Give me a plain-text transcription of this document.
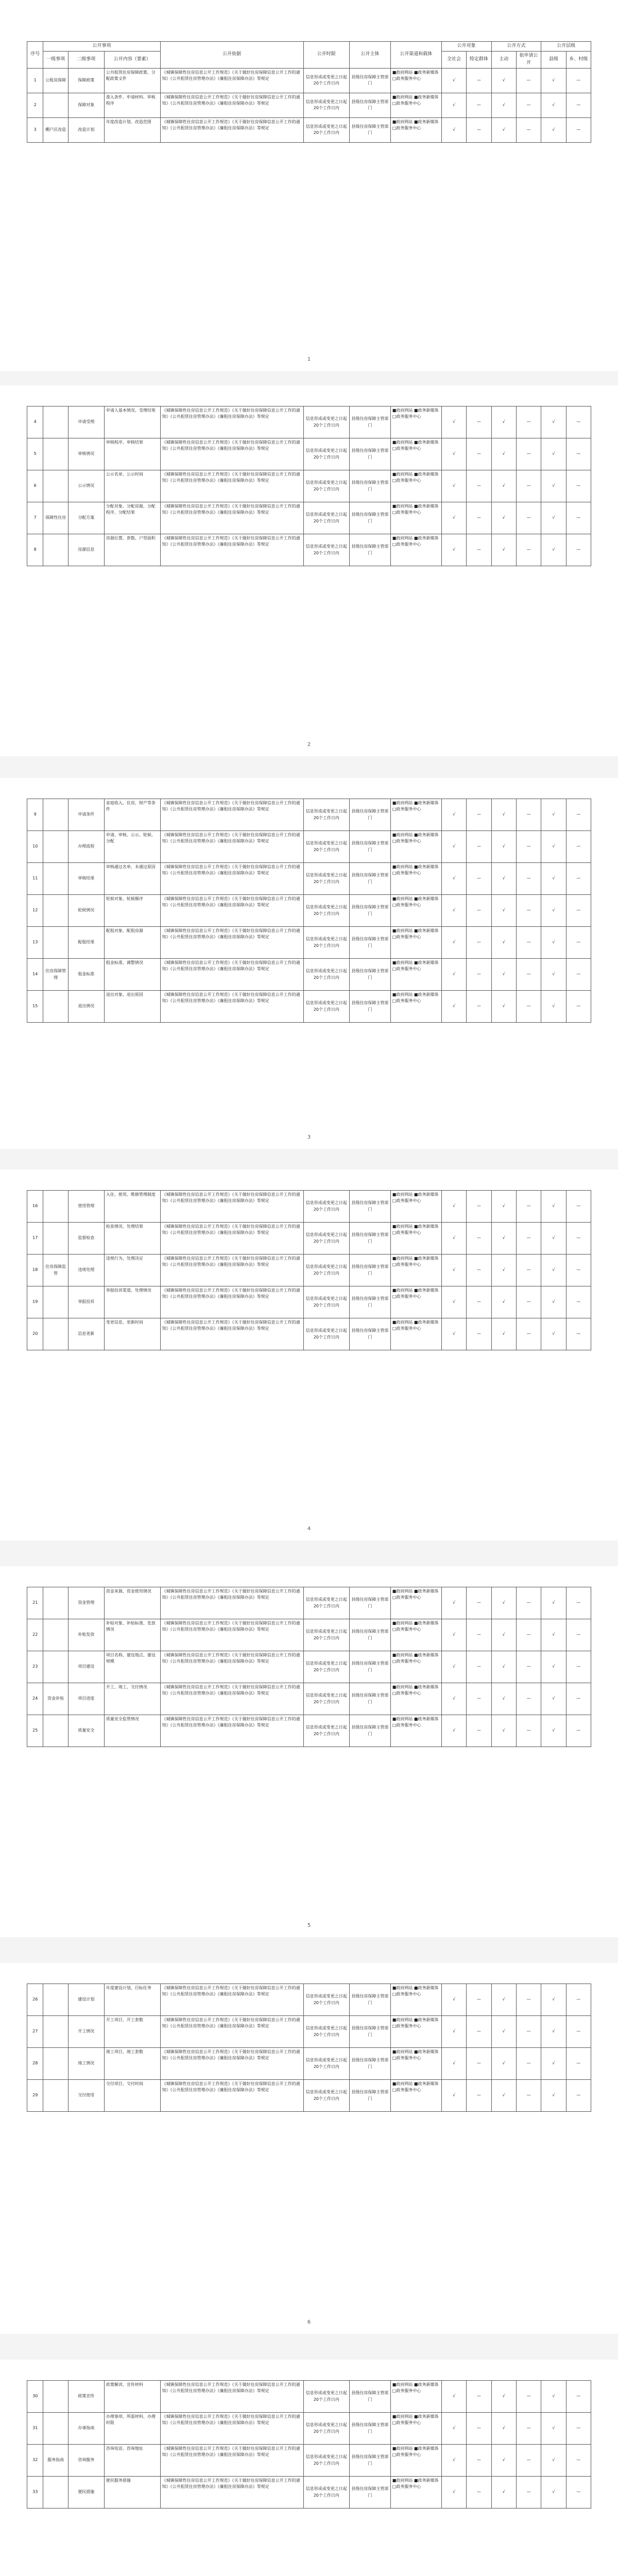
序号	公开事项			公开依据	公开时限	公开主体	公开渠道和载体	公开对象		公开方式		公开层级	
	一级事项	二级事项	公开内容（要素）					全社会	特定群体	主动	依申请公开	县级	乡、村级
1	公租房保障	保障政策	公共租赁住房保障政策、分配政策文件	《城镇保障性住房信息公开工作规范》《关于做好住房保障信息公开工作的通知》《公共租赁住房管理办法》《廉租住房保障办法》等规定	信息形成或变更之日起20个工作日内	县级住房保障主管部门	■政府网站 ■政务新媒体 □政务服务中心	√	—	√	—	√	—
2		保障对象	准入条件、申请材料、审核程序	《城镇保障性住房信息公开工作规范》《关于做好住房保障信息公开工作的通知》《公共租赁住房管理办法》《廉租住房保障办法》等规定	信息形成或变更之日起20个工作日内	县级住房保障主管部门	■政府网站 ■政务新媒体 □政务服务中心	√	—	√	—	√	—
3	棚户区改造	改造计划	年度改造计划、改造范围	《城镇保障性住房信息公开工作规范》《关于做好住房保障信息公开工作的通知》《公共租赁住房管理办法》《廉租住房保障办法》等规定	信息形成或变更之日起20个工作日内	县级住房保障主管部门	■政府网站 ■政务新媒体 □政务服务中心	√	—	√	—	√	—
1
4		申请受理	申请人基本情况、受理结果	《城镇保障性住房信息公开工作规范》《关于做好住房保障信息公开工作的通知》《公共租赁住房管理办法》《廉租住房保障办法》等规定	信息形成或变更之日起20个工作日内	县级住房保障主管部门	■政府网站 ■政务新媒体 □政务服务中心	√	—	√	—	√	—
5		审核情况	审核程序、审核结果	《城镇保障性住房信息公开工作规范》《关于做好住房保障信息公开工作的通知》《公共租赁住房管理办法》《廉租住房保障办法》等规定	信息形成或变更之日起20个工作日内	县级住房保障主管部门	■政府网站 ■政务新媒体 □政务服务中心	√	—	√	—	√	—
6		公示情况	公示名单、公示时间	《城镇保障性住房信息公开工作规范》《关于做好住房保障信息公开工作的通知》《公共租赁住房管理办法》《廉租住房保障办法》等规定	信息形成或变更之日起20个工作日内	县级住房保障主管部门	■政府网站 ■政务新媒体 □政务服务中心	√	—	√	—	√	—
7	保障性住房	分配方案	分配对象、分配房源、分配程序、分配结果	《城镇保障性住房信息公开工作规范》《关于做好住房保障信息公开工作的通知》《公共租赁住房管理办法》《廉租住房保障办法》等规定	信息形成或变更之日起20个工作日内	县级住房保障主管部门	■政府网站 ■政务新媒体 □政务服务中心	√	—	√	—	√	—
8		房源信息	房源位置、套数、户型面积	《城镇保障性住房信息公开工作规范》《关于做好住房保障信息公开工作的通知》《公共租赁住房管理办法》《廉租住房保障办法》等规定	信息形成或变更之日起20个工作日内	县级住房保障主管部门	■政府网站 ■政务新媒体 □政务服务中心	√	—	√	—	√	—
2
9		申请条件	家庭收入、住房、财产等条件	《城镇保障性住房信息公开工作规范》《关于做好住房保障信息公开工作的通知》《公共租赁住房管理办法》《廉租住房保障办法》等规定	信息形成或变更之日起20个工作日内	县级住房保障主管部门	■政府网站 ■政务新媒体 □政务服务中心	√	—	√	—	√	—
10		办理流程	申请、审核、公示、轮候、分配	《城镇保障性住房信息公开工作规范》《关于做好住房保障信息公开工作的通知》《公共租赁住房管理办法》《廉租住房保障办法》等规定	信息形成或变更之日起20个工作日内	县级住房保障主管部门	■政府网站 ■政务新媒体 □政务服务中心	√	—	√	—	√	—
11		审核结果	审核通过名单、未通过原因	《城镇保障性住房信息公开工作规范》《关于做好住房保障信息公开工作的通知》《公共租赁住房管理办法》《廉租住房保障办法》等规定	信息形成或变更之日起20个工作日内	县级住房保障主管部门	■政府网站 ■政务新媒体 □政务服务中心	√	—	√	—	√	—
12		轮候情况	轮候对象、轮候顺序	《城镇保障性住房信息公开工作规范》《关于做好住房保障信息公开工作的通知》《公共租赁住房管理办法》《廉租住房保障办法》等规定	信息形成或变更之日起20个工作日内	县级住房保障主管部门	■政府网站 ■政务新媒体 □政务服务中心	√	—	√	—	√	—
13		配租结果	配租对象、配租房源	《城镇保障性住房信息公开工作规范》《关于做好住房保障信息公开工作的通知》《公共租赁住房管理办法》《廉租住房保障办法》等规定	信息形成或变更之日起20个工作日内	县级住房保障主管部门	■政府网站 ■政务新媒体 □政务服务中心	√	—	√	—	√	—
14	住房保障管理	租金标准	租金标准、调整情况	《城镇保障性住房信息公开工作规范》《关于做好住房保障信息公开工作的通知》《公共租赁住房管理办法》《廉租住房保障办法》等规定	信息形成或变更之日起20个工作日内	县级住房保障主管部门	■政府网站 ■政务新媒体 □政务服务中心	√	—	√	—	√	—
15		退出情况	退出对象、退出原因	《城镇保障性住房信息公开工作规范》《关于做好住房保障信息公开工作的通知》《公共租赁住房管理办法》《廉租住房保障办法》等规定	信息形成或变更之日起20个工作日内	县级住房保障主管部门	■政府网站 ■政务新媒体 □政务服务中心	√	—	√	—	√	—
3
16		使用管理	入住、使用、维修管理制度	《城镇保障性住房信息公开工作规范》《关于做好住房保障信息公开工作的通知》《公共租赁住房管理办法》《廉租住房保障办法》等规定	信息形成或变更之日起20个工作日内	县级住房保障主管部门	■政府网站 ■政务新媒体 □政务服务中心	√	—	√	—	√	—
17		监督检查	检查情况、处理结果	《城镇保障性住房信息公开工作规范》《关于做好住房保障信息公开工作的通知》《公共租赁住房管理办法》《廉租住房保障办法》等规定	信息形成或变更之日起20个工作日内	县级住房保障主管部门	■政府网站 ■政务新媒体 □政务服务中心	√	—	√	—	√	—
18	住房保障监管	违规处理	违规行为、处理决定	《城镇保障性住房信息公开工作规范》《关于做好住房保障信息公开工作的通知》《公共租赁住房管理办法》《廉租住房保障办法》等规定	信息形成或变更之日起20个工作日内	县级住房保障主管部门	■政府网站 ■政务新媒体 □政务服务中心	√	—	√	—	√	—
19		举报投诉	举报投诉渠道、处理情况	《城镇保障性住房信息公开工作规范》《关于做好住房保障信息公开工作的通知》《公共租赁住房管理办法》《廉租住房保障办法》等规定	信息形成或变更之日起20个工作日内	县级住房保障主管部门	■政府网站 ■政务新媒体 □政务服务中心	√	—	√	—	√	—
20		信息更新	变更信息、更新时间	《城镇保障性住房信息公开工作规范》《关于做好住房保障信息公开工作的通知》《公共租赁住房管理办法》《廉租住房保障办法》等规定	信息形成或变更之日起20个工作日内	县级住房保障主管部门	■政府网站 ■政务新媒体 □政务服务中心	√	—	√	—	√	—
4
21		资金管理	资金来源、资金使用情况	《城镇保障性住房信息公开工作规范》《关于做好住房保障信息公开工作的通知》《公共租赁住房管理办法》《廉租住房保障办法》等规定	信息形成或变更之日起20个工作日内	县级住房保障主管部门	■政府网站 ■政务新媒体 □政务服务中心	√	—	√	—	√	—
22		补贴发放	补贴对象、补贴标准、发放情况	《城镇保障性住房信息公开工作规范》《关于做好住房保障信息公开工作的通知》《公共租赁住房管理办法》《廉租住房保障办法》等规定	信息形成或变更之日起20个工作日内	县级住房保障主管部门	■政府网站 ■政务新媒体 □政务服务中心	√	—	√	—	√	—
23		项目建设	项目名称、建设地点、建设规模	《城镇保障性住房信息公开工作规范》《关于做好住房保障信息公开工作的通知》《公共租赁住房管理办法》《廉租住房保障办法》等规定	信息形成或变更之日起20个工作日内	县级住房保障主管部门	■政府网站 ■政务新媒体 □政务服务中心	√	—	√	—	√	—
24	资金补贴	项目进度	开工、竣工、交付情况	《城镇保障性住房信息公开工作规范》《关于做好住房保障信息公开工作的通知》《公共租赁住房管理办法》《廉租住房保障办法》等规定	信息形成或变更之日起20个工作日内	县级住房保障主管部门	■政府网站 ■政务新媒体 □政务服务中心	√	—	√	—	√	—
25		质量安全	质量安全监管情况	《城镇保障性住房信息公开工作规范》《关于做好住房保障信息公开工作的通知》《公共租赁住房管理办法》《廉租住房保障办法》等规定	信息形成或变更之日起20个工作日内	县级住房保障主管部门	■政府网站 ■政务新媒体 □政务服务中心	√	—	√	—	√	—
5
26		建设计划	年度建设计划、目标任务	《城镇保障性住房信息公开工作规范》《关于做好住房保障信息公开工作的通知》《公共租赁住房管理办法》《廉租住房保障办法》等规定	信息形成或变更之日起20个工作日内	县级住房保障主管部门	■政府网站 ■政务新媒体 □政务服务中心	√	—	√	—	√	—
27		开工情况	开工项目、开工套数	《城镇保障性住房信息公开工作规范》《关于做好住房保障信息公开工作的通知》《公共租赁住房管理办法》《廉租住房保障办法》等规定	信息形成或变更之日起20个工作日内	县级住房保障主管部门	■政府网站 ■政务新媒体 □政务服务中心	√	—	√	—	√	—
28		竣工情况	竣工项目、竣工套数	《城镇保障性住房信息公开工作规范》《关于做好住房保障信息公开工作的通知》《公共租赁住房管理办法》《廉租住房保障办法》等规定	信息形成或变更之日起20个工作日内	县级住房保障主管部门	■政府网站 ■政务新媒体 □政务服务中心	√	—	√	—	√	—
29		交付使用	交付项目、交付时间	《城镇保障性住房信息公开工作规范》《关于做好住房保障信息公开工作的通知》《公共租赁住房管理办法》《廉租住房保障办法》等规定	信息形成或变更之日起20个工作日内	县级住房保障主管部门	■政府网站 ■政务新媒体 □政务服务中心	√	—	√	—	√	—
6
30		政策宣传	政策解读、宣传材料	《城镇保障性住房信息公开工作规范》《关于做好住房保障信息公开工作的通知》《公共租赁住房管理办法》《廉租住房保障办法》等规定	信息形成或变更之日起20个工作日内	县级住房保障主管部门	■政府网站 ■政务新媒体 □政务服务中心	√	—	√	—	√	—
31		办事指南	办理事项、所需材料、办理时限	《城镇保障性住房信息公开工作规范》《关于做好住房保障信息公开工作的通知》《公共租赁住房管理办法》《廉租住房保障办法》等规定	信息形成或变更之日起20个工作日内	县级住房保障主管部门	■政府网站 ■政务新媒体 □政务服务中心	√	—	√	—	√	—
32	服务指南	咨询服务	咨询电话、咨询地址	《城镇保障性住房信息公开工作规范》《关于做好住房保障信息公开工作的通知》《公共租赁住房管理办法》《廉租住房保障办法》等规定	信息形成或变更之日起20个工作日内	县级住房保障主管部门	■政府网站 ■政务新媒体 □政务服务中心	√	—	√	—	√	—
33		便民措施	便民服务措施	《城镇保障性住房信息公开工作规范》《关于做好住房保障信息公开工作的通知》《公共租赁住房管理办法》《廉租住房保障办法》等规定	信息形成或变更之日起20个工作日内	县级住房保障主管部门	■政府网站 ■政务新媒体 □政务服务中心	√	—	√	—	√	—
